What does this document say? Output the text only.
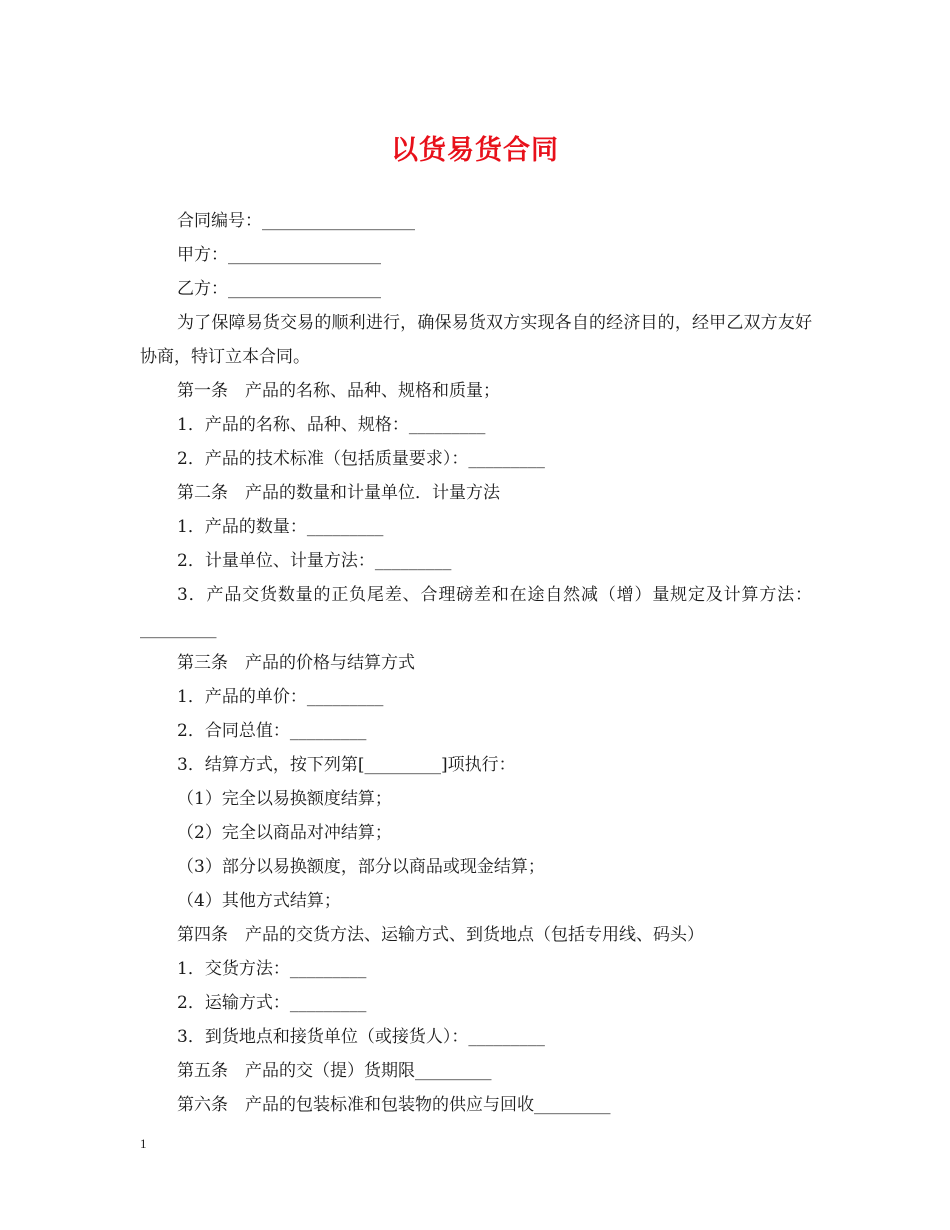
以货易货合同
合同编号：__________________
甲方：__________________
乙方：__________________
为了保障易货交易的顺利进行，确保易货双方实现各自的经济目的，经甲乙双方友好协商，特订立本合同。
第一条　产品的名称、品种、规格和质量；
1．产品的名称、品种、规格：_________
2．产品的技术标准（包括质量要求）：_________
第二条　产品的数量和计量单位．计量方法
1．产品的数量：_________
2．计量单位、计量方法：_________
3．产品交货数量的正负尾差、合理磅差和在途自然减（增）量规定及计算方法：_________
第三条　产品的价格与结算方式
1．产品的单价：_________
2．合同总值：_________
3．结算方式，按下列第[_________]项执行：
（1）完全以易换额度结算；
（2）完全以商品对冲结算；
（3）部分以易换额度，部分以商品或现金结算；
（4）其他方式结算；
第四条　产品的交货方法、运输方式、到货地点（包括专用线、码头）
1．交货方法：_________
2．运输方式：_________
3．到货地点和接货单位（或接货人）：_________
第五条　产品的交（提）货期限_________
第六条　产品的包装标准和包装物的供应与回收_________
1
